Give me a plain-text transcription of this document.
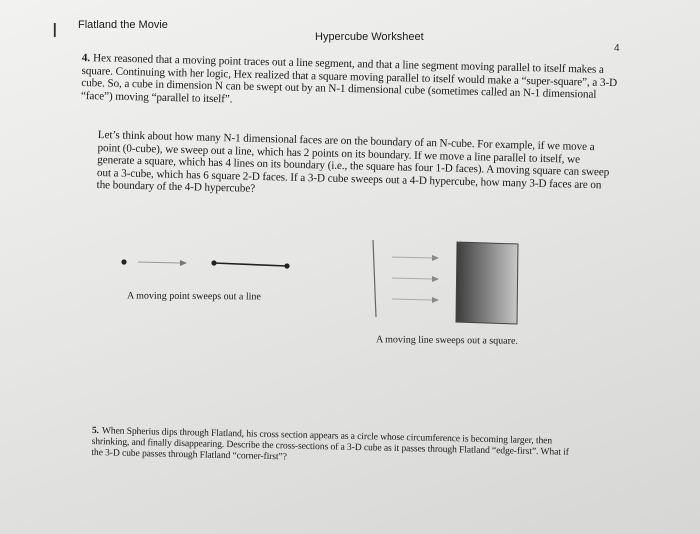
I Flatland the Movie
Hypercube Worksheet
4
4. Hex reasoned that a moving point traces out a line segment, and that a line segment moving parallel to itself makes a square. Continuing with her logic, Hex realized that a square moving parallel to itself would make a “super-square”, a 3-D cube. So, a cube in dimension N can be swept out by an N-1 dimensional cube (sometimes called an N-1 dimensional “face”) moving “parallel to itself”.
Let’s think about how many N-1 dimensional faces are on the boundary of an N-cube. For example, if we move a point (0-cube), we sweep out a line, which has 2 points on its boundary. If we move a line parallel to itself, we generate a square, which has 4 lines on its boundary (i.e., the square has four 1-D faces). A moving square can sweep out a 3-cube, which has 6 square 2-D faces. If a 3-D cube sweeps out a 4-D hypercube, how many 3-D faces are on the boundary of the 4-D hypercube?
A moving point sweeps out a line
A moving line sweeps out a square.
5. When Spherius dips through Flatland, his cross section appears as a circle whose circumference is becoming larger, then shrinking, and finally disappearing. Describe the cross-sections of a 3-D cube as it passes through Flatland “edge-first”. What if the 3-D cube passes through Flatland “corner-first”?
